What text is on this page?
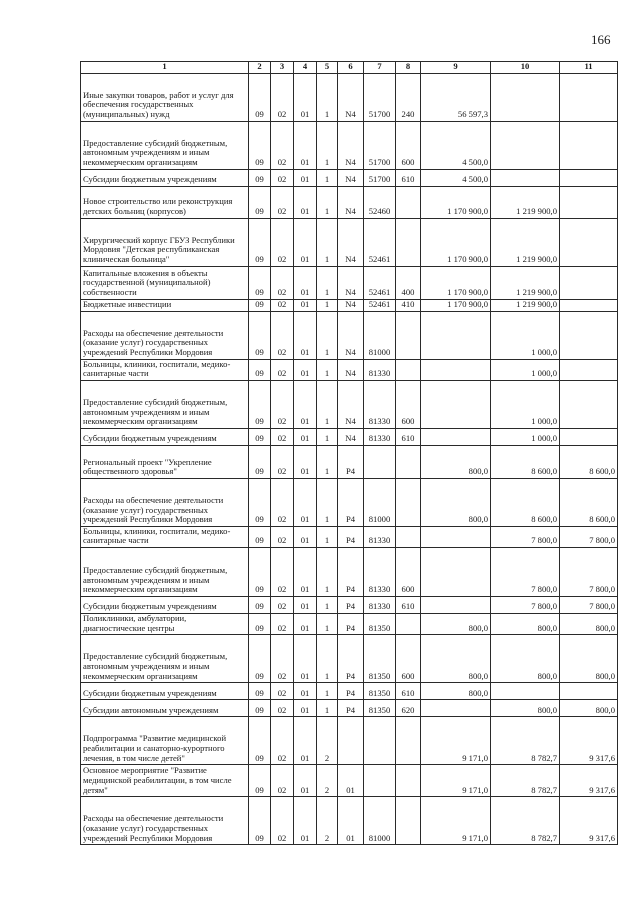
166
1	2	3	4	5	6	7	8	9	10	11
Иные закупки товаров, работ и услуг для обеспечения государственных (муниципальных) нужд	09	02	01	1	N4	51700	240	56 597,3		
Предоставление субсидий бюджетным, автономным учреждениям и иным некоммерческим организациям	09	02	01	1	N4	51700	600	4 500,0		
Субсидии бюджетным учреждениям	09	02	01	1	N4	51700	610	4 500,0		
Новое строительство или реконструкция детских больниц (корпусов)	09	02	01	1	N4	52460		1 170 900,0	1 219 900,0	
Хирургический корпус ГБУЗ Республики Мордовия "Детская республиканская клиническая больница"	09	02	01	1	N4	52461		1 170 900,0	1 219 900,0	
Капитальные вложения в объекты государственной (муниципальной) собственности	09	02	01	1	N4	52461	400	1 170 900,0	1 219 900,0	
Бюджетные инвестиции	09	02	01	1	N4	52461	410	1 170 900,0	1 219 900,0	
Расходы на обеспечение деятельности (оказание услуг) государственных учреждений Республики Мордовия	09	02	01	1	N4	81000			1 000,0	
Больницы, клиники, госпитали, медико-санитарные части	09	02	01	1	N4	81330			1 000,0	
Предоставление субсидий бюджетным, автономным учреждениям и иным некоммерческим организациям	09	02	01	1	N4	81330	600		1 000,0	
Субсидии бюджетным учреждениям	09	02	01	1	N4	81330	610		1 000,0	
Региональный проект "Укрепление общественного здоровья"	09	02	01	1	P4			800,0	8 600,0	8 600,0
Расходы на обеспечение деятельности (оказание услуг) государственных учреждений Республики Мордовия	09	02	01	1	P4	81000		800,0	8 600,0	8 600,0
Больницы, клиники, госпитали, медико-санитарные части	09	02	01	1	P4	81330			7 800,0	7 800,0
Предоставление субсидий бюджетным, автономным учреждениям и иным некоммерческим организациям	09	02	01	1	P4	81330	600		7 800,0	7 800,0
Субсидии бюджетным учреждениям	09	02	01	1	P4	81330	610		7 800,0	7 800,0
Поликлиники, амбулатории, диагностические центры	09	02	01	1	P4	81350		800,0	800,0	800,0
Предоставление субсидий бюджетным, автономным учреждениям и иным некоммерческим организациям	09	02	01	1	P4	81350	600	800,0	800,0	800,0
Субсидии бюджетным учреждениям	09	02	01	1	P4	81350	610	800,0		
Субсидии автономным учреждениям	09	02	01	1	P4	81350	620		800,0	800,0
Подпрограмма "Развитие медицинской реабилитации и санаторно-курортного лечения, в том числе детей"	09	02	01	2				9 171,0	8 782,7	9 317,6
Основное мероприятие "Развитие медицинской реабилитации, в том числе детям"	09	02	01	2	01			9 171,0	8 782,7	9 317,6
Расходы на обеспечение деятельности (оказание услуг) государственных учреждений Республики Мордовия	09	02	01	2	01	81000		9 171,0	8 782,7	9 317,6
